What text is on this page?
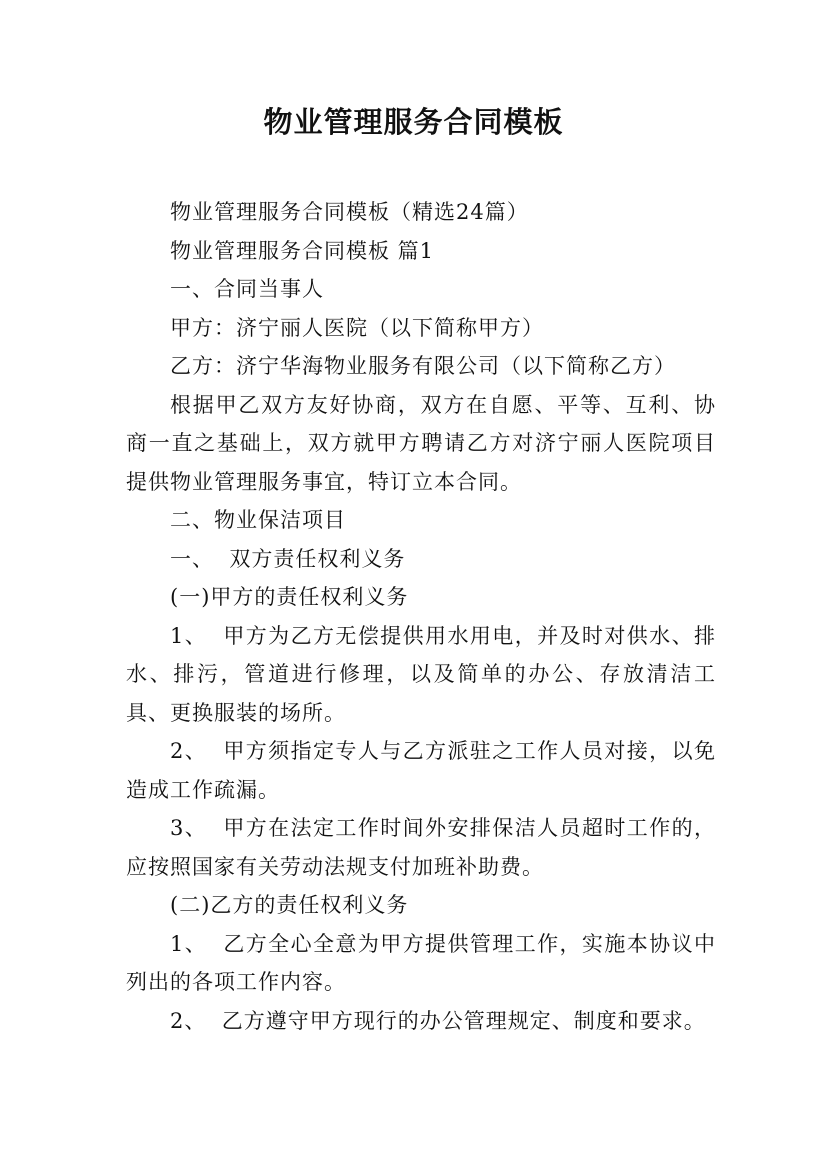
物业管理服务合同模板

物业管理服务合同模板（精选24篇）

物业管理服务合同模板 篇1

一、合同当事人

甲方：济宁丽人医院（以下简称甲方）

乙方：济宁华海物业服务有限公司（以下简称乙方）

根据甲乙双方友好协商，双方在自愿、平等、互利、协商一直之基础上，双方就甲方聘请乙方对济宁丽人医院项目提供物业管理服务事宜，特订立本合同。

二、物业保洁项目

一、  双方责任权利义务

(一)甲方的责任权利义务

1、  甲方为乙方无偿提供用水用电，并及时对供水、排水、排污，管道进行修理，以及简单的办公、存放清洁工具、更换服装的场所。

2、  甲方须指定专人与乙方派驻之工作人员对接，以免造成工作疏漏。

3、  甲方在法定工作时间外安排保洁人员超时工作的，应按照国家有关劳动法规支付加班补助费。

(二)乙方的责任权利义务

1、  乙方全心全意为甲方提供管理工作，实施本协议中列出的各项工作内容。

2、  乙方遵守甲方现行的办公管理规定、制度和要求。
